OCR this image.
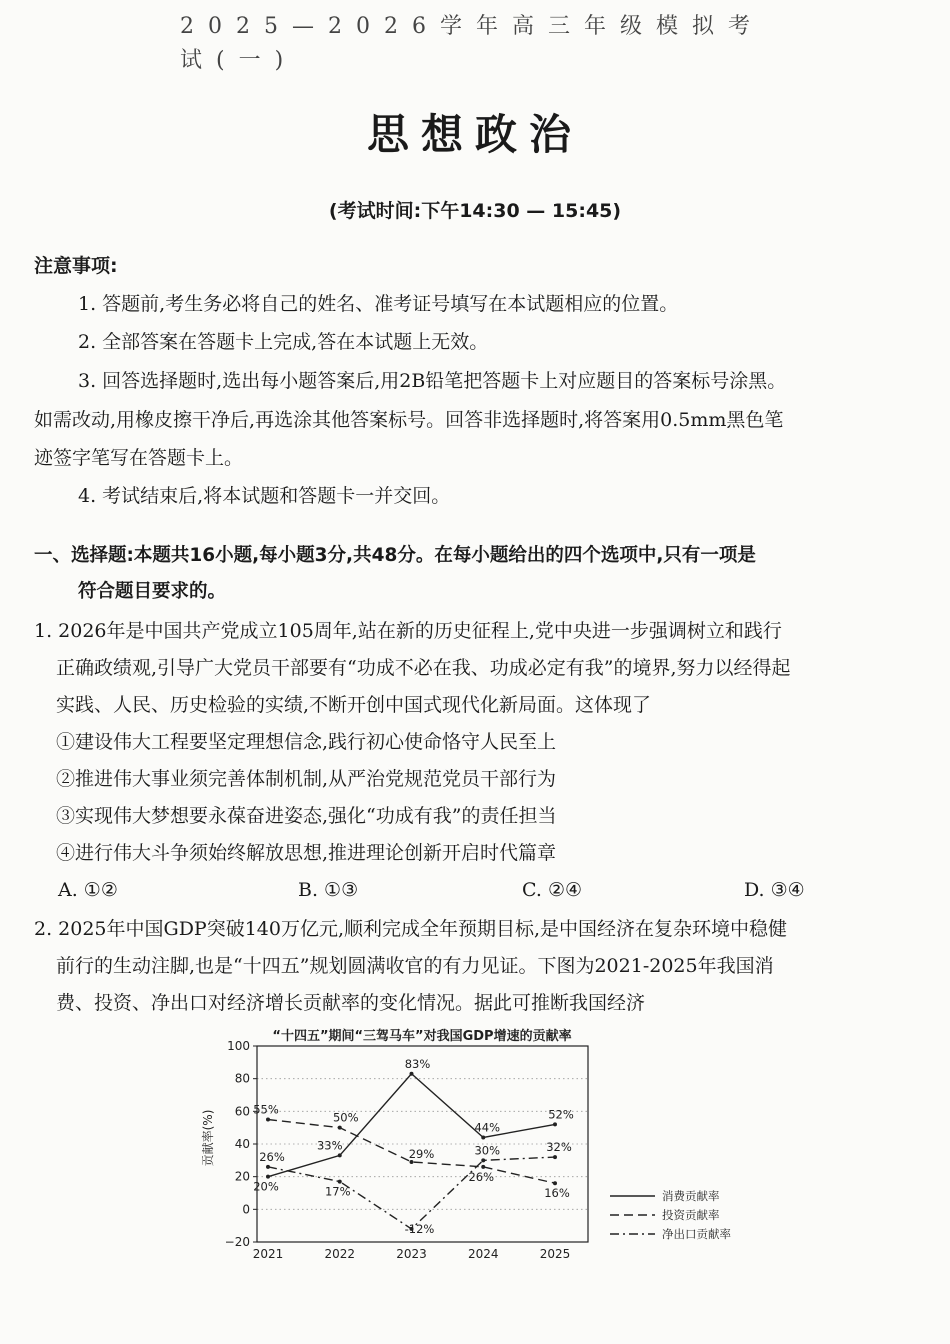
2025—2026学年高三年级模拟考试(一)
思想政治
(考试时间:下午14:30 — 15:45)
注意事项:
1. 答题前,考生务必将自己的姓名、准考证号填写在本试题相应的位置。
2. 全部答案在答题卡上完成,答在本试题上无效。
3. 回答选择题时,选出每小题答案后,用2B铅笔把答题卡上对应题目的答案标号涂黑。
如需改动,用橡皮擦干净后,再选涂其他答案标号。回答非选择题时,将答案用0.5mm黑色笔
迹签字笔写在答题卡上。
4. 考试结束后,将本试题和答题卡一并交回。
一、选择题:本题共16小题,每小题3分,共48分。在每小题给出的四个选项中,只有一项是
符合题目要求的。
1. 2026年是中国共产党成立105周年,站在新的历史征程上,党中央进一步强调树立和践行
正确政绩观,引导广大党员干部要有“功成不必在我、功成必定有我”的境界,努力以经得起
实践、人民、历史检验的实绩,不断开创中国式现代化新局面。这体现了
①建设伟大工程要坚定理想信念,践行初心使命恪守人民至上
②推进伟大事业须完善体制机制,从严治党规范党员干部行为
③实现伟大梦想要永葆奋进姿态,强化“功成有我”的责任担当
④进行伟大斗争须始终解放思想,推进理论创新开启时代篇章
A. ①②	B. ①③	C. ②④	D. ③④
2. 2025年中国GDP突破140万亿元,顺利完成全年预期目标,是中国经济在复杂环境中稳健
前行的生动注脚,也是“十四五”规划圆满收官的有力见证。下图为2021-2025年我国消
费、投资、净出口对经济增长贡献率的变化情况。据此可推断我国经济
“十四五”期间“三驾马车”对我国GDP增速的贡献率
贡献率(%)
−20
0
20
40
60
80
100
2021	2022	2023	2024	2025
20%
33%
83%
44%
52%
55%
50%
29%
26%
16%
26%
17%
-12%
30%	32%
消费贡献率
投资贡献率
净出口贡献率
